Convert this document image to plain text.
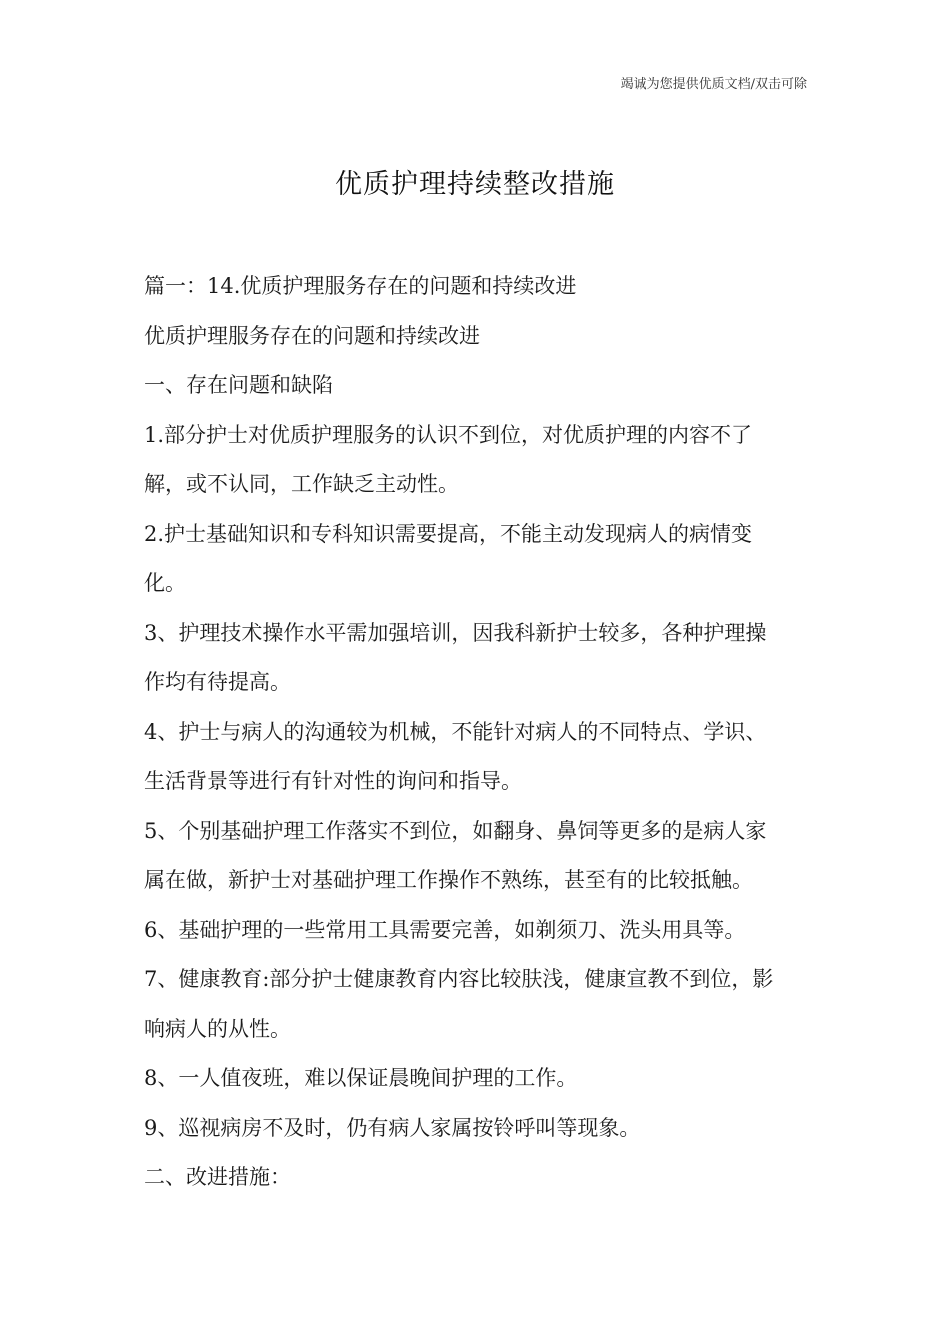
竭诚为您提供优质文档/双击可除
优质护理持续整改措施
篇一：14.优质护理服务存在的问题和持续改进
优质护理服务存在的问题和持续改进
一、存在问题和缺陷
1.部分护士对优质护理服务的认识不到位，对优质护理的内容不了
解，或不认同，工作缺乏主动性。
2.护士基础知识和专科知识需要提高，不能主动发现病人的病情变
化。
3、护理技术操作水平需加强培训，因我科新护士较多，各种护理操
作均有待提高。
4、护士与病人的沟通较为机械，不能针对病人的不同特点、学识、
生活背景等进行有针对性的询问和指导。
5、个别基础护理工作落实不到位，如翻身、鼻饲等更多的是病人家
属在做，新护士对基础护理工作操作不熟练，甚至有的比较抵触。
6、基础护理的一些常用工具需要完善，如剃须刀、洗头用具等。
7、健康教育:部分护士健康教育内容比较肤浅，健康宣教不到位，影
响病人的从性。
8、一人值夜班，难以保证晨晚间护理的工作。
9、巡视病房不及时，仍有病人家属按铃呼叫等现象。
二、改进措施：
